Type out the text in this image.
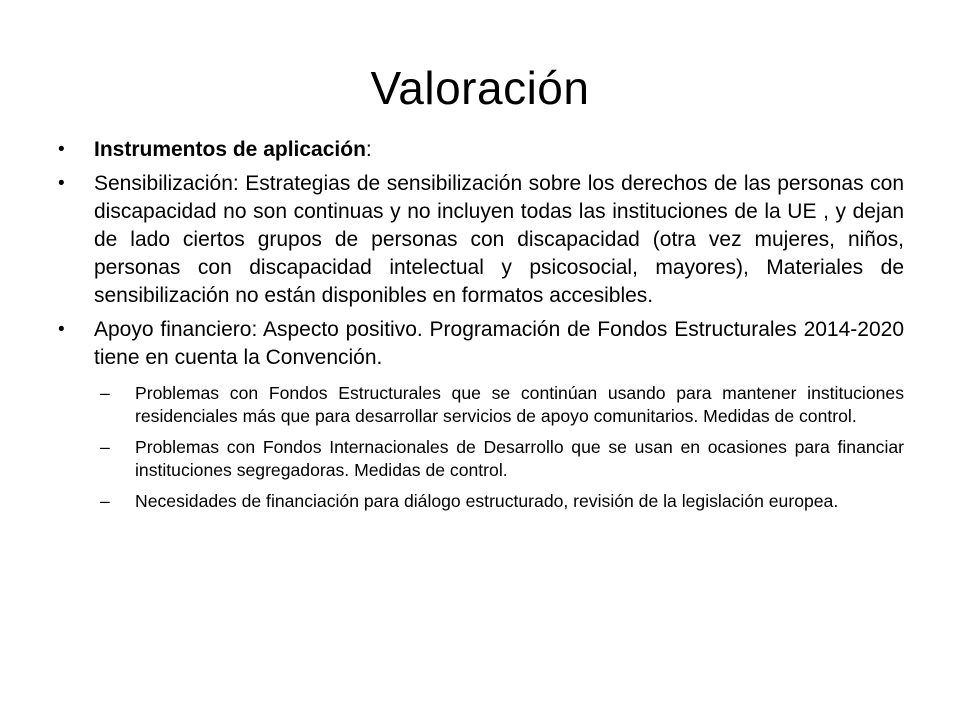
Valoración
•	Instrumentos de aplicación:
•	Sensibilización: Estrategias de sensibilización sobre los derechos de las personas con discapacidad no son continuas y no incluyen todas las instituciones de la UE , y dejan de lado ciertos grupos de personas con discapacidad (otra vez mujeres, niños, personas con discapacidad intelectual y psicosocial, mayores), Materiales de sensibilización no están disponibles en formatos accesibles.
•	Apoyo financiero: Aspecto positivo. Programación de Fondos Estructurales 2014-2020 tiene en cuenta la Convención.
–	Problemas con Fondos Estructurales que se continúan usando para mantener instituciones residenciales más que para desarrollar servicios de apoyo comunitarios. Medidas de control.
–	Problemas con Fondos Internacionales de Desarrollo que se usan en ocasiones para financiar instituciones segregadoras. Medidas de control.
–	Necesidades de financiación para diálogo estructurado, revisión de la legislación europea.
